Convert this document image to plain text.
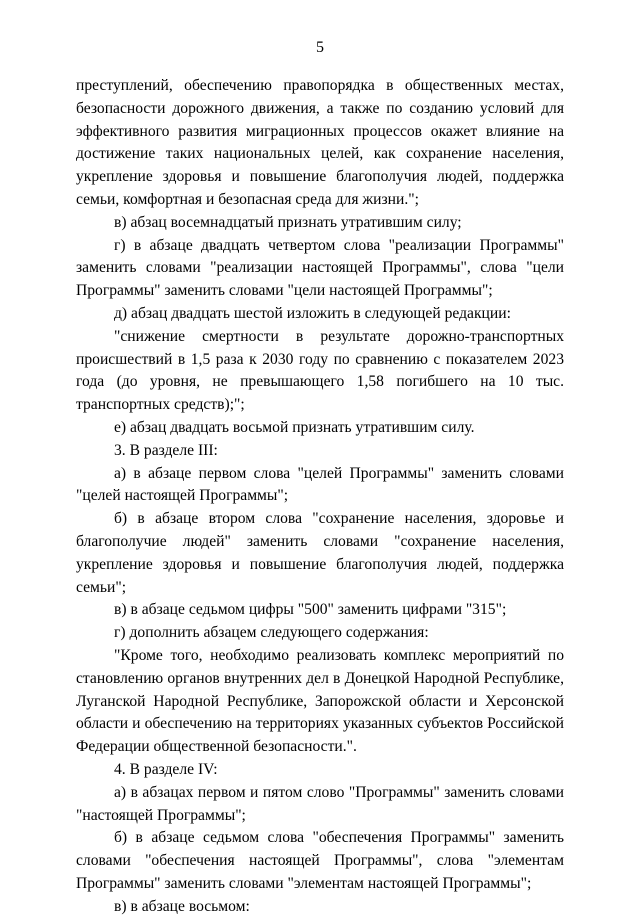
5

преступлений, обеспечению правопорядка в общественных местах, безопасности дорожного движения, а также по созданию условий для эффективного развития миграционных процессов окажет влияние на достижение таких национальных целей, как сохранение населения, укрепление здоровья и повышение благополучия людей, поддержка семьи, комфортная и безопасная среда для жизни.";

в) абзац восемнадцатый признать утратившим силу;

г) в абзаце двадцать четвертом слова "реализации Программы" заменить словами "реализации настоящей Программы", слова "цели Программы" заменить словами "цели настоящей Программы";

д) абзац двадцать шестой изложить в следующей редакции:

"снижение смертности в результате дорожно-транспортных происшествий в 1,5 раза к 2030 году по сравнению с показателем 2023 года (до уровня, не превышающего 1,58 погибшего на 10 тыс. транспортных средств);";

е) абзац двадцать восьмой признать утратившим силу.

3. В разделе III:

а) в абзаце первом слова "целей Программы" заменить словами "целей настоящей Программы";

б) в абзаце втором слова "сохранение населения, здоровье и благополучие людей" заменить словами "сохранение населения, укрепление здоровья и повышение благополучия людей, поддержка семьи";

в) в абзаце седьмом цифры "500" заменить цифрами "315";

г) дополнить абзацем следующего содержания:

"Кроме того, необходимо реализовать комплекс мероприятий по становлению органов внутренних дел в Донецкой Народной Республике, Луганской Народной Республике, Запорожской области и Херсонской области и обеспечению на территориях указанных субъектов Российской Федерации общественной безопасности.".

4. В разделе IV:

а) в абзацах первом и пятом слово "Программы" заменить словами "настоящей Программы";

б) в абзаце седьмом слова "обеспечения Программы" заменить словами "обеспечения настоящей Программы", слова "элементам Программы" заменить словами "элементам настоящей Программы";

в) в абзаце восьмом:
